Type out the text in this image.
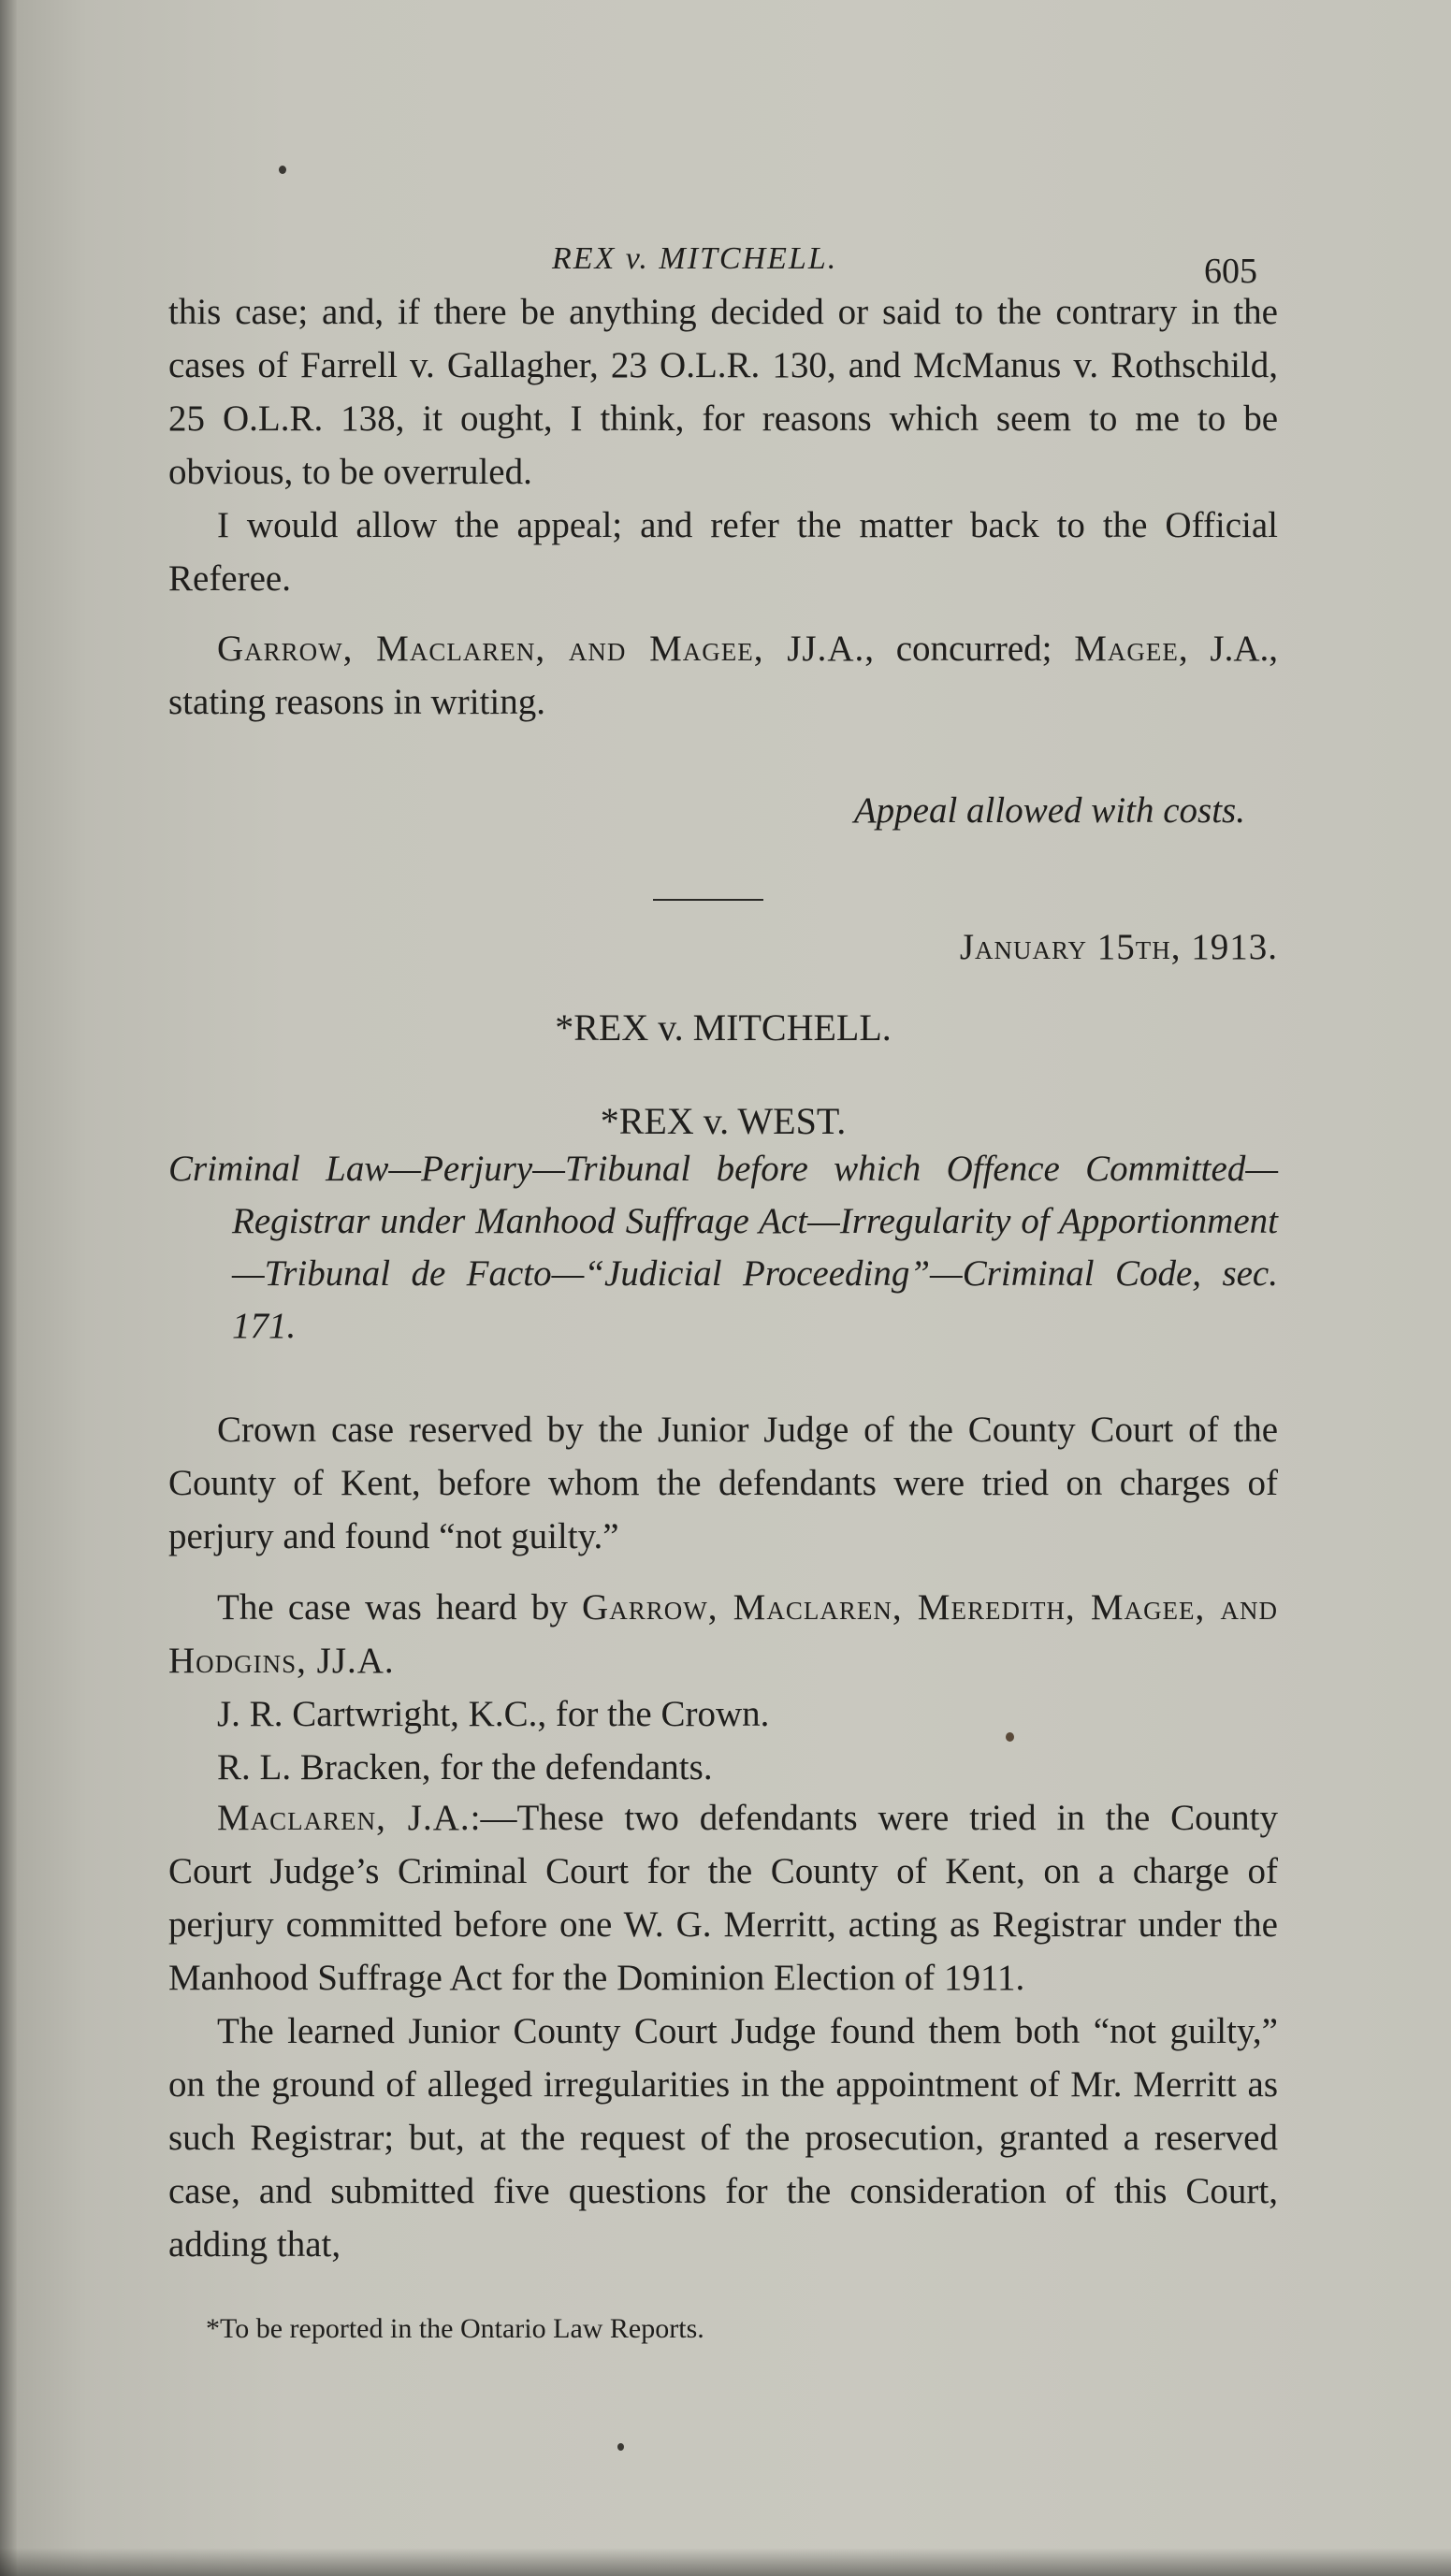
REX v. MITCHELL.	605

this case; and, if there be anything decided or said to the contrary in the cases of Farrell v. Gallagher, 23 O.L.R. 130, and McManus v. Rothschild, 25 O.L.R. 138, it ought, I think, for reasons which seem to me to be obvious, to be overruled.

I would allow the appeal; and refer the matter back to the Official Referee.

Garrow, Maclaren, and Magee, JJ.A., concurred; Magee, J.A., stating reasons in writing.

Appeal allowed with costs.
January 15th, 1913.
*REX v. MITCHELL.
*REX v. WEST.
Criminal Law—Perjury—Tribunal before which Offence Committed—Registrar under Manhood Suffrage Act—Irregularity of Apportionment—Tribunal de Facto—“Judicial Proceeding”—Criminal Code, sec. 171.

Crown case reserved by the Junior Judge of the County Court of the County of Kent, before whom the defendants were tried on charges of perjury and found “not guilty.”

The case was heard by Garrow, Maclaren, Meredith, Magee, and Hodgins, JJ.A.

J. R. Cartwright, K.C., for the Crown.

R. L. Bracken, for the defendants.

Maclaren, J.A.:—These two defendants were tried in the County Court Judge’s Criminal Court for the County of Kent, on a charge of perjury committed before one W. G. Merritt, acting as Registrar under the Manhood Suffrage Act for the Dominion Election of 1911.

The learned Junior County Court Judge found them both “not guilty,” on the ground of alleged irregularities in the appointment of Mr. Merritt as such Registrar; but, at the request of the prosecution, granted a reserved case, and submitted five questions for the consideration of this Court, adding that,

*To be reported in the Ontario Law Reports.
